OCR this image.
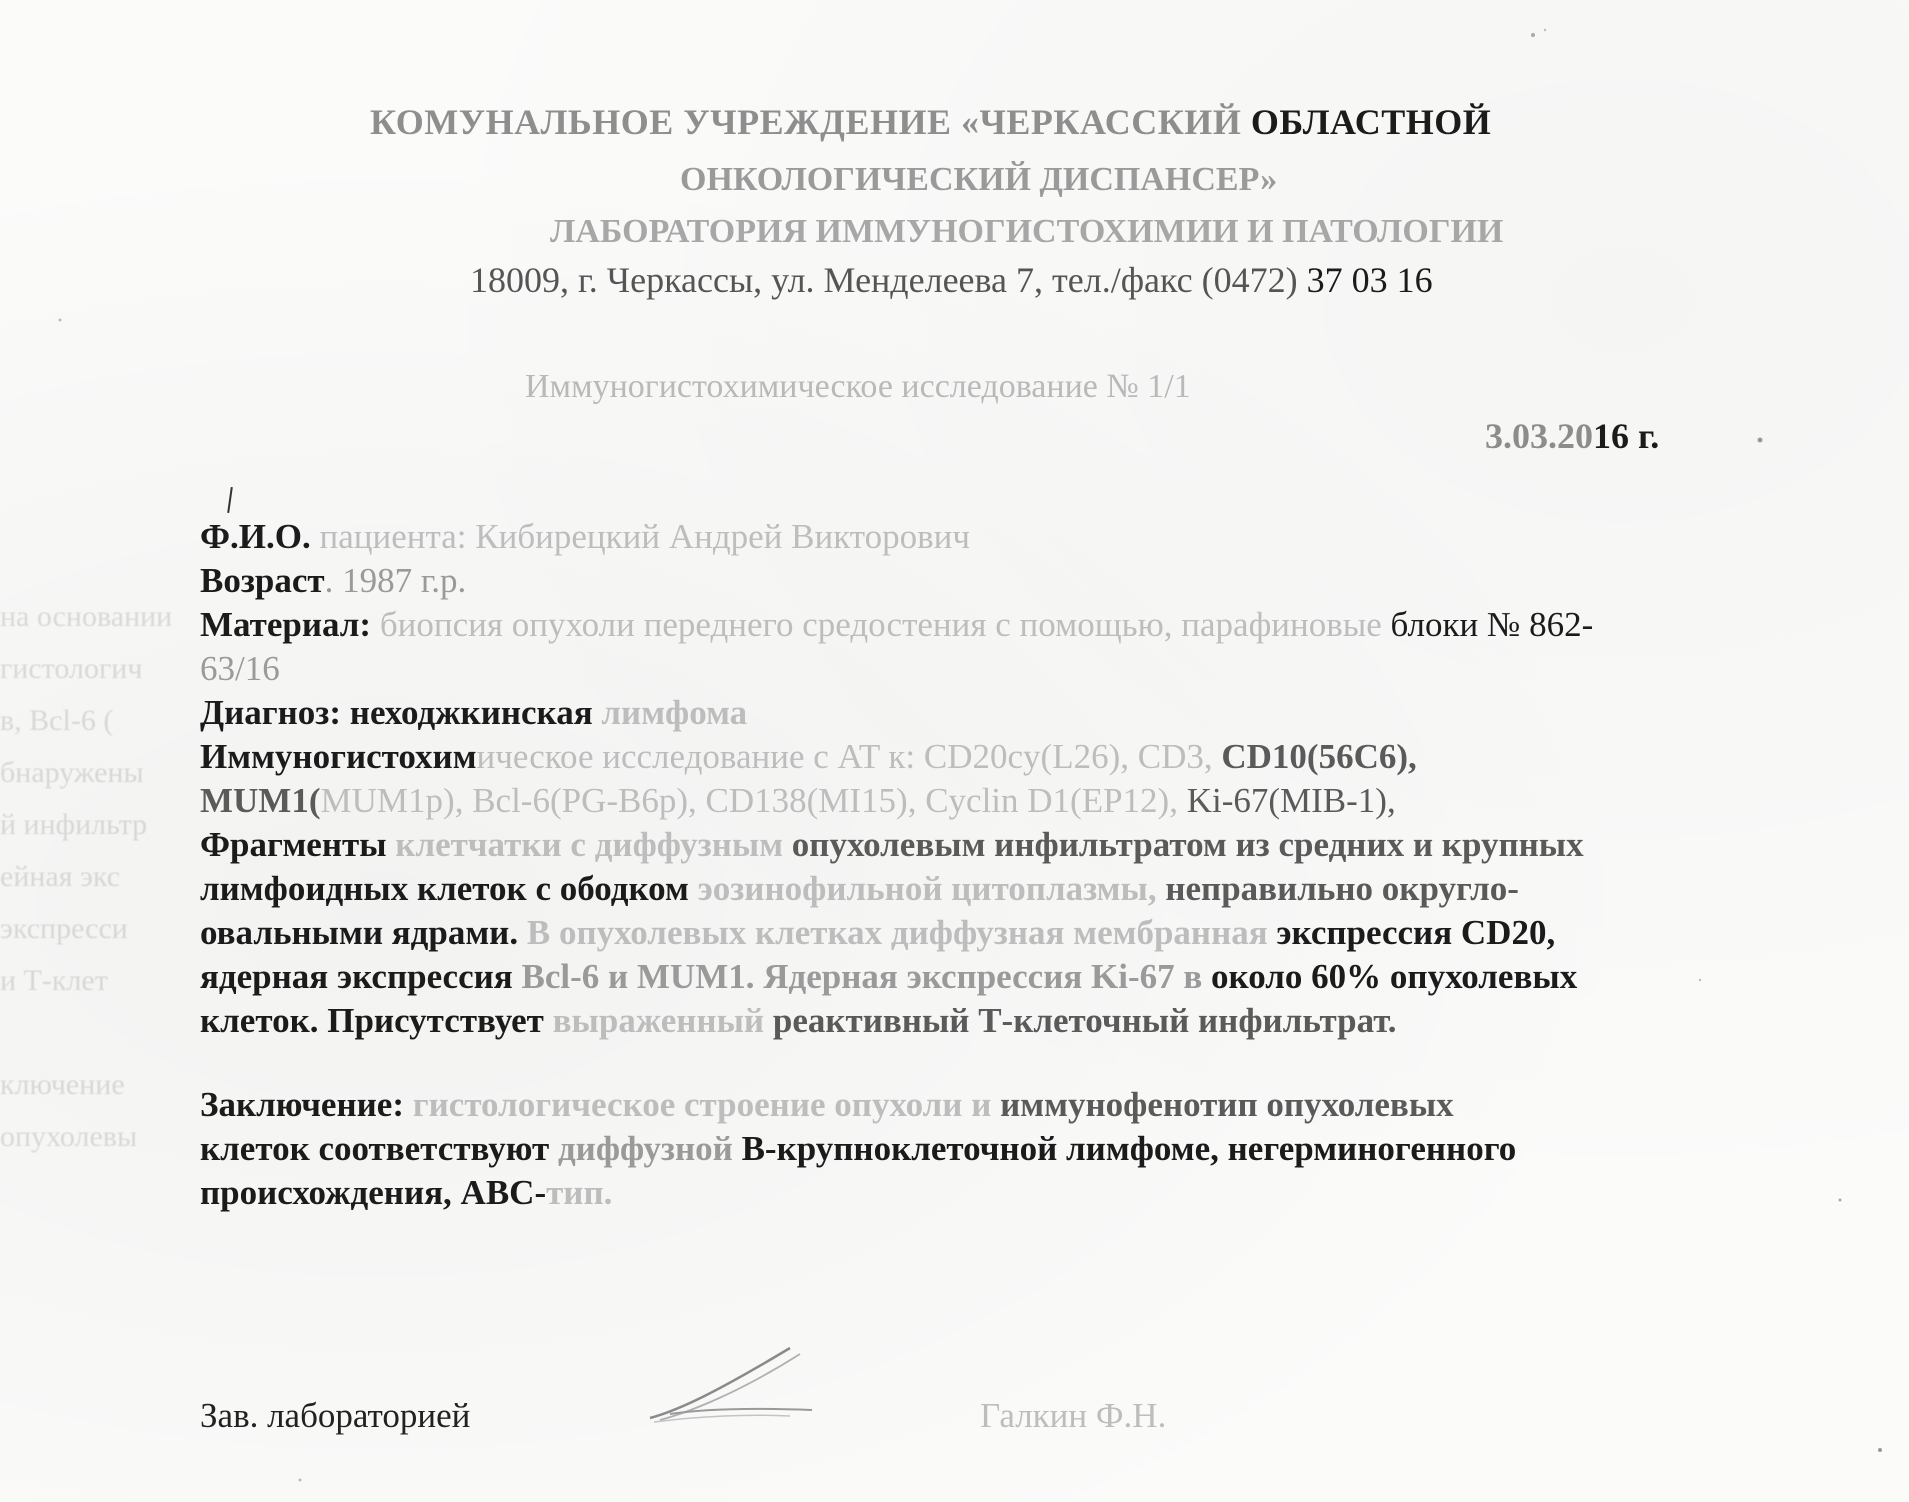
на основании
гистологич
в, Bcl-6 (
бнаружены
й инфильтр
ейная экс
экспресси
и Т-клет
ключение
опухолевы
КОМУНАЛЬНОЕ УЧРЕЖДЕНИЕ «ЧЕРКАССКИЙ ОБЛАСТНОЙ
ОНКОЛОГИЧЕСКИЙ ДИСПАНСЕР»
ЛАБОРАТОРИЯ ИММУНОГИСТОХИМИИ И ПАТОЛОГИИ
18009, г. Черкассы, ул. Менделеева 7, тел./факс (0472) 37 03 16
Иммуногистохимическое исследование № 1/1
3.03.2016 г.
Ф.И.О. пациента: Кибирецкий Андрей Викторович
Возраст. 1987 г.р.
Материал: биопсия опухоли переднего средостения с помощью, парафиновые блоки № 862-
63/16
Диагноз: неходжкинская лимфома
Иммуногистохимическое исследование с AT к: CD20cy(L26), CD3, CD10(56C6),
MUM1(MUM1p), Bcl-6(PG-B6p), CD138(MI15), Cyclin D1(EP12), Ki-67(MIB-1),
Фрагменты клетчатки с диффузным опухолевым инфильтратом из средних и крупных
лимфоидных клеток с ободком эозинофильной цитоплазмы, неправильно округло-
овальными ядрами. В опухолевых клетках диффузная мембранная экспрессия CD20,
ядерная экспрессия Bcl-6 и MUM1. Ядерная экспрессия Ki-67 в около 60% опухолевых
клеток. Присутствует выраженный реактивный Т-клеточный инфильтрат.
Заключение: гистологическое строение опухоли и иммунофенотип опухолевых
клеток соответствуют диффузной В-крупноклеточной лимфоме, негерминогенного
происхождения, АВС-тип.
Зав. лабораторией	Галкин Ф.Н.
